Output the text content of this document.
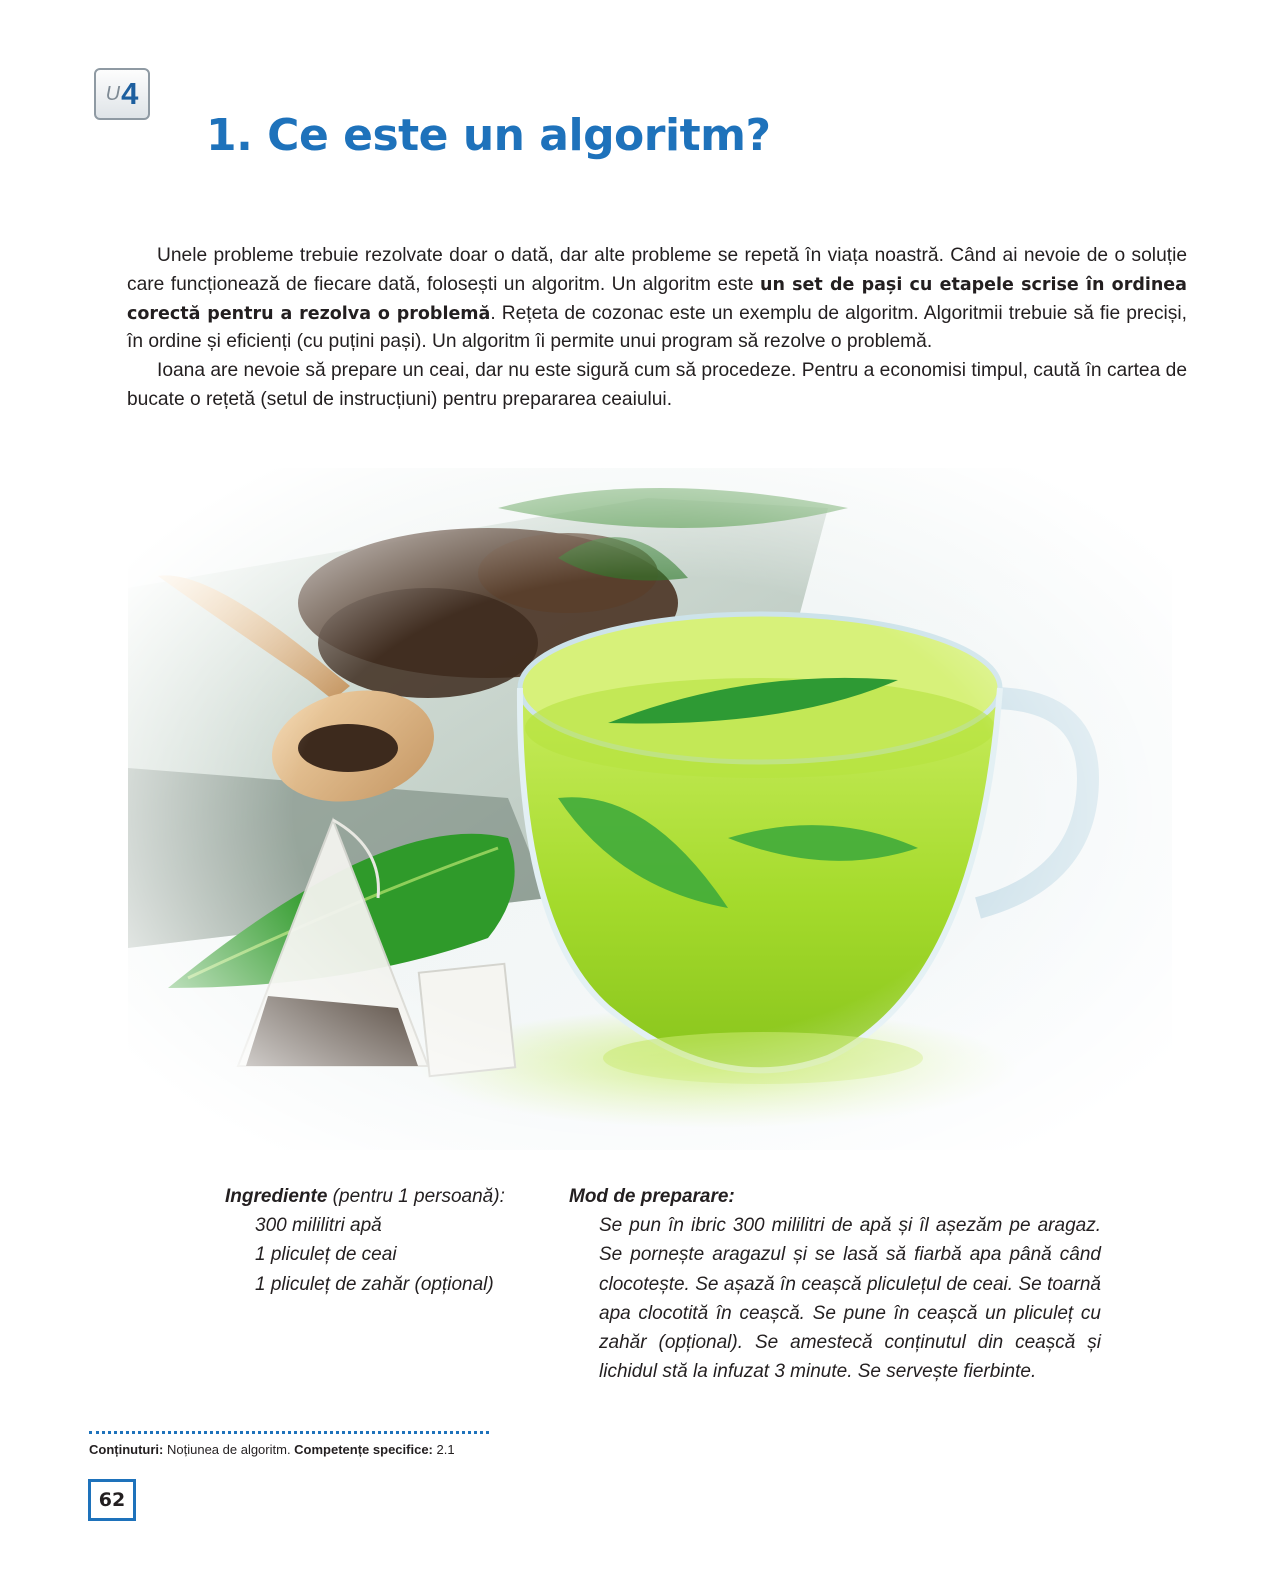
U 4
1. Ce este un algoritm?

Unele probleme trebuie rezolvate doar o dată, dar alte probleme se repetă în viața noastră. Când ai nevoie de o soluție care funcționează de fiecare dată, folosești un algoritm. Un algoritm este un set de pași cu etapele scrise în ordinea corectă pentru a rezolva o problemă. Rețeta de cozonac este un exemplu de algoritm. Algoritmii trebuie să fie preciși, în ordine și eficienți (cu puțini pași). Un algoritm îi permite unui program să rezolve o problemă.

Ioana are nevoie să prepare un ceai, dar nu este sigură cum să procedeze. Pentru a economisi timpul, caută în cartea de bucate o rețetă (setul de instrucțiuni) pentru prepararea ceaiului.

Ingrediente (pentru 1 persoană):
300 mililitri apă
1 pliculeț de ceai
1 pliculeț de zahăr (opțional)
Mod de preparare:
Se pun în ibric 300 mililitri de apă și îl așezăm pe aragaz. Se pornește aragazul și se lasă să fiarbă apa până când clocotește. Se așază în ceașcă pliculețul de ceai. Se toarnă apa clocotită în ceașcă. Se pune în ceașcă un pliculeț cu zahăr (opțional). Se amestecă conținutul din ceașcă și lichidul stă la infuzat 3 minute. Se servește fierbinte.
Conținuturi: Noțiunea de algoritm. Competențe specifice: 2.1
62
